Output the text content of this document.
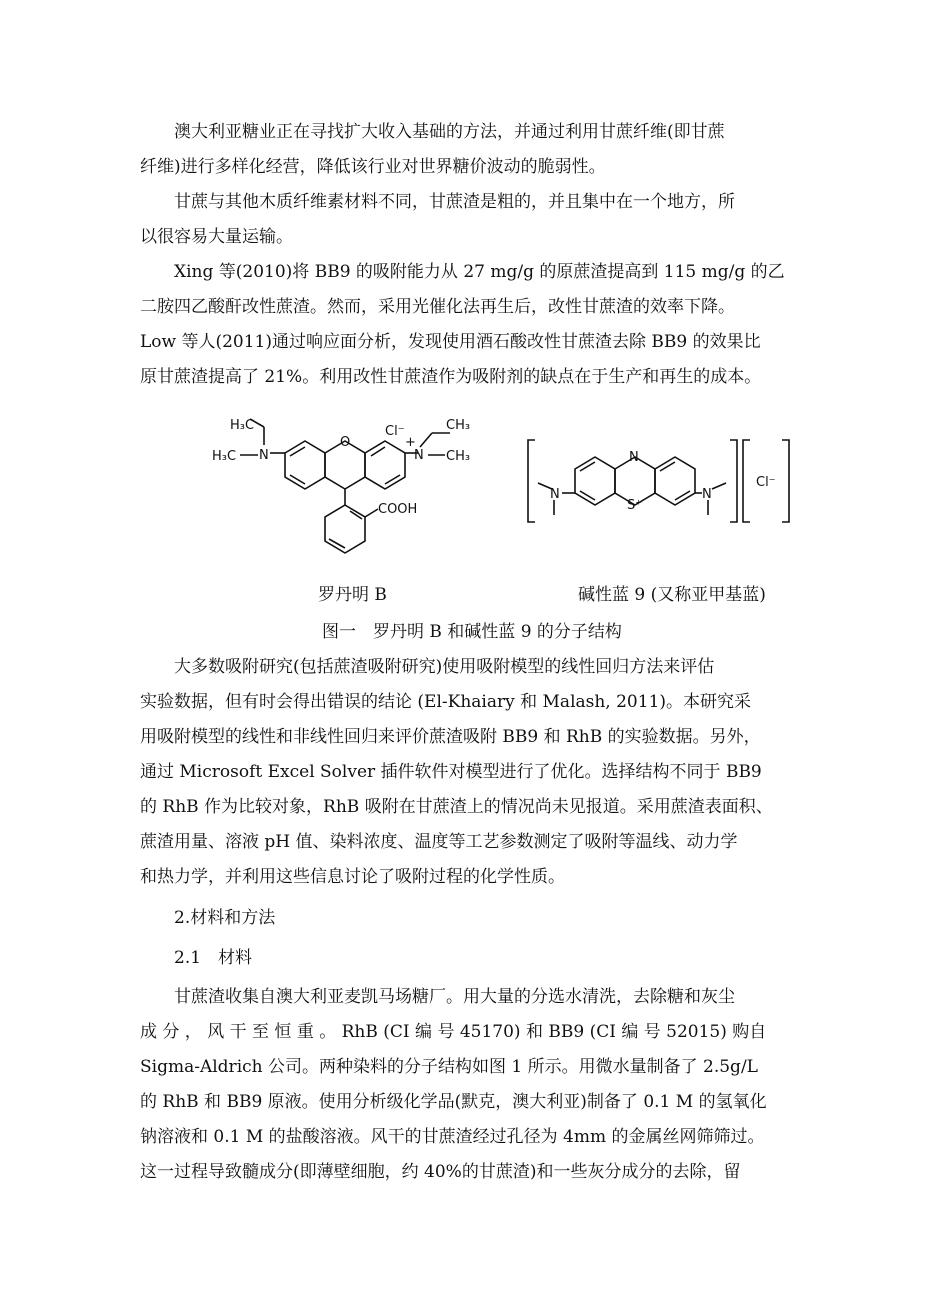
澳大利亚糖业正在寻找扩大收入基础的方法，并通过利用甘蔗纤维(即甘蔗
纤维)进行多样化经营，降低该行业对世界糖价波动的脆弱性。

甘蔗与其他木质纤维素材料不同，甘蔗渣是粗的，并且集中在一个地方，所
以很容易大量运输。

Xing 等(2010)将 BB9 的吸附能力从 27 mg/g 的原蔗渣提高到 115 mg/g 的乙
二胺四乙酸酐改性蔗渣。然而，采用光催化法再生后，改性甘蔗渣的效率下降。
Low 等人(2011)通过响应面分析，发现使用酒石酸改性甘蔗渣去除 BB9 的效果比
原甘蔗渣提高了 21%。利用改性甘蔗渣作为吸附剂的缺点在于生产和再生的成本。

H₃C
H₃C N
O
Cl⁻
+
N
CH₃
CH₃
COOH
N
S⁺
N	N
Cl⁻
罗丹明 B	碱性蓝 9 (又称亚甲基蓝)
图一　罗丹明 B 和碱性蓝 9 的分子结构

大多数吸附研究(包括蔗渣吸附研究)使用吸附模型的线性回归方法来评估
实验数据，但有时会得出错误的结论 (El-Khaiary 和 Malash, 2011)。本研究采
用吸附模型的线性和非线性回归来评价蔗渣吸附 BB9 和 RhB 的实验数据。另外，
通过 Microsoft Excel Solver 插件软件对模型进行了优化。选择结构不同于 BB9
的 RhB 作为比较对象，RhB 吸附在甘蔗渣上的情况尚未见报道。采用蔗渣表面积、
蔗渣用量、溶液 pH 值、染料浓度、温度等工艺参数测定了吸附等温线、动力学
和热力学，并利用这些信息讨论了吸附过程的化学性质。

2.材料和方法
2.1　材料

甘蔗渣收集自澳大利亚麦凯马场糖厂。用大量的分选水清洗，去除糖和灰尘
成 分 ， 风 干 至 恒 重 。 RhB (CI 编 号 45170) 和 BB9 (CI 编 号 52015) 购自
Sigma-Aldrich 公司。两种染料的分子结构如图 1 所示。用微水量制备了 2.5g/L
的 RhB 和 BB9 原液。使用分析级化学品(默克，澳大利亚)制备了 0.1 M 的氢氧化
钠溶液和 0.1 M 的盐酸溶液。风干的甘蔗渣经过孔径为 4mm 的金属丝网筛筛过。
这一过程导致髓成分(即薄壁细胞，约 40%的甘蔗渣)和一些灰分成分的去除，留
